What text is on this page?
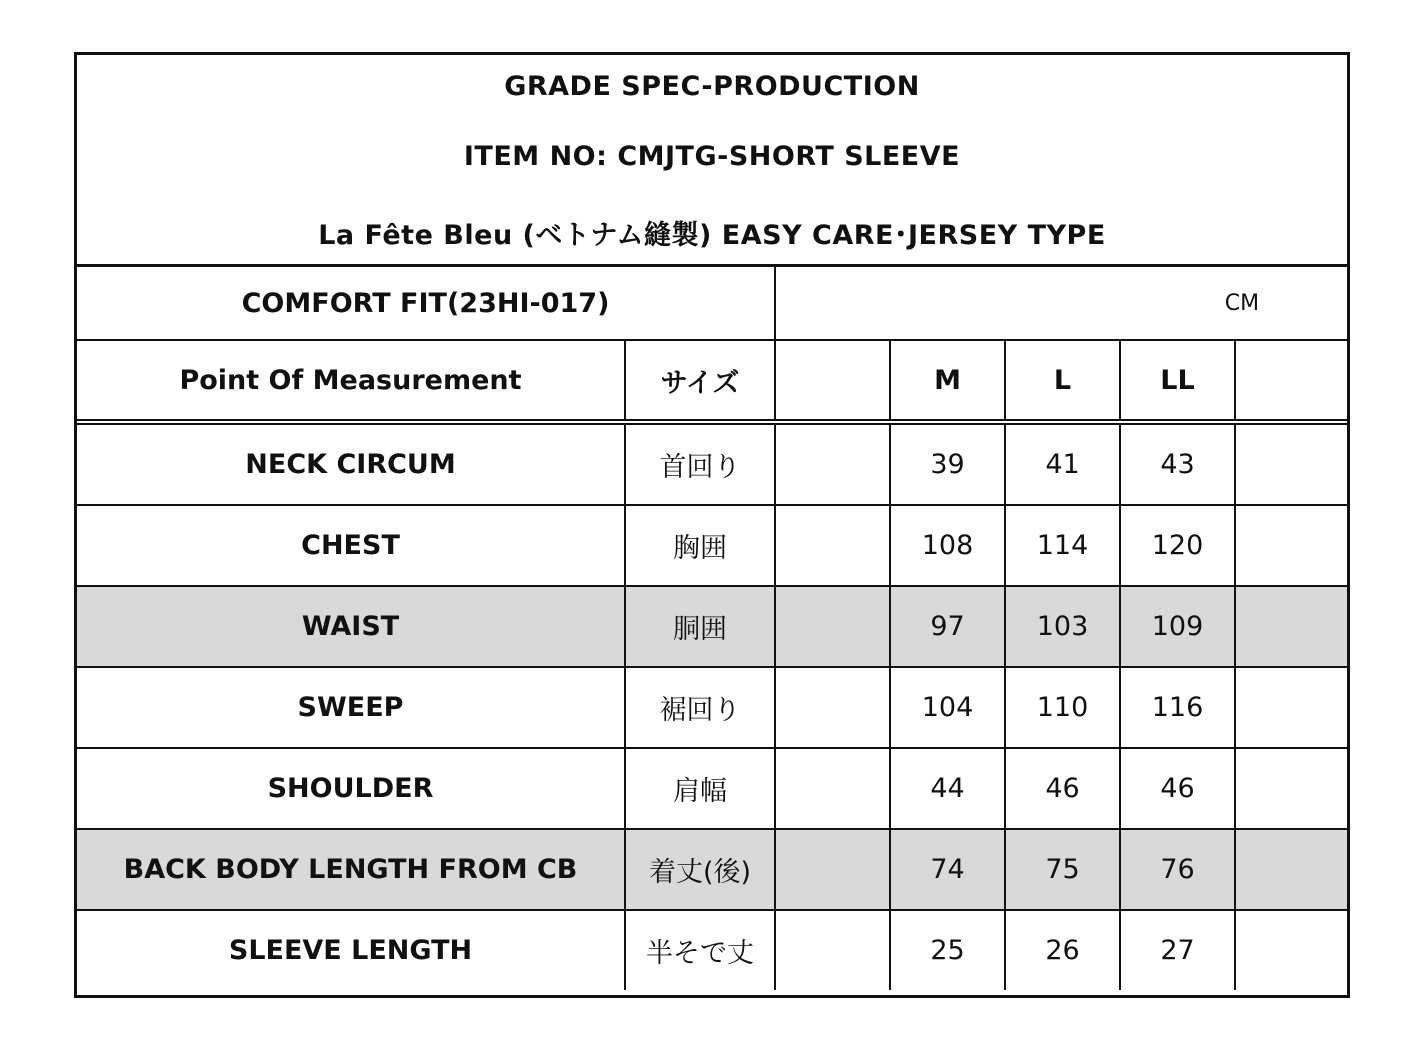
GRADE SPEC-PRODUCTION
ITEM NO: CMJTG-SHORT SLEEVE
La Fête Bleu (ベトナム縫製) EASY CARE･JERSEY TYPE
COMFORT FIT(23HI-017)		CM				
Point Of Measurement	サイズ		M	L	LL	
NECK CIRCUM	首回り		39	41	43	
CHEST	胸囲		108	114	120	
WAIST	胴囲		97	103	109	
SWEEP	裾回り		104	110	116	
SHOULDER	肩幅		44	46	46	
BACK BODY LENGTH FROM CB	着丈(後)		74	75	76	
SLEEVE LENGTH	半そで丈		25	26	27	
